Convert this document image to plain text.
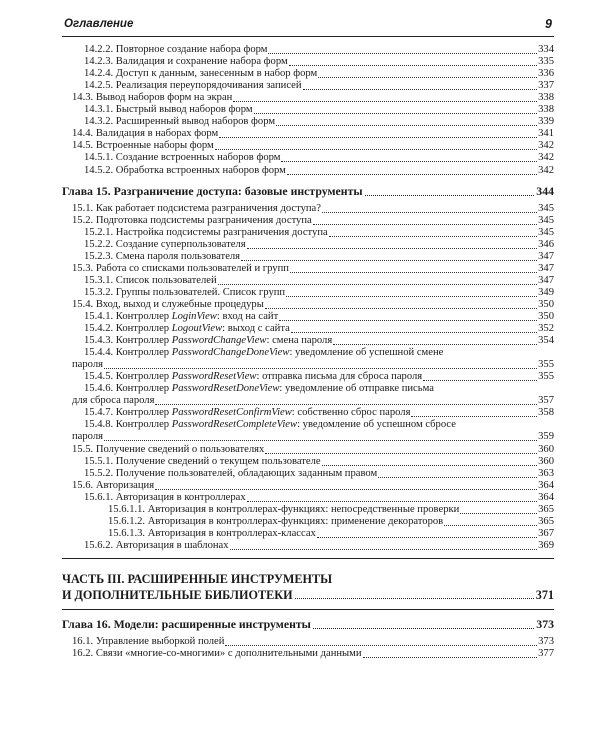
Оглавление	9
14.2.2. Повторное создание набора форм	334
14.2.3. Валидация и сохранение набора форм	335
14.2.4. Доступ к данным, занесенным в набор форм	336
14.2.5. Реализация переупорядочивания записей	337
14.3. Вывод наборов форм на экран	338
14.3.1. Быстрый вывод наборов форм	338
14.3.2. Расширенный вывод наборов форм	339
14.4. Валидация в наборах форм	341
14.5. Встроенные наборы форм	342
14.5.1. Создание встроенных наборов форм	342
14.5.2. Обработка встроенных наборов форм	342
Глава 15. Разграничение доступа: базовые инструменты	344
15.1. Как работает подсистема разграничения доступа?	345
15.2. Подготовка подсистемы разграничения доступа	345
15.2.1. Настройка подсистемы разграничения доступа	345
15.2.2. Создание суперпользователя	346
15.2.3. Смена пароля пользователя	347
15.3. Работа со списками пользователей и групп	347
15.3.1. Список пользователей	347
15.3.2. Группы пользователей. Список групп	349
15.4. Вход, выход и служебные процедуры	350
15.4.1. Контроллер LoginView: вход на сайт	350
15.4.2. Контроллер LogoutView: выход с сайта	352
15.4.3. Контроллер PasswordChangeView: смена пароля	354
15.4.4. Контроллер PasswordChangeDoneView: уведомление об успешной смене
пароля	355
15.4.5. Контроллер PasswordResetView: отправка письма для сброса пароля	355
15.4.6. Контроллер PasswordResetDoneView: уведомление об отправке письма
для сброса пароля	357
15.4.7. Контроллер PasswordResetConfirmView: собственно сброс пароля	358
15.4.8. Контроллер PasswordResetCompleteView: уведомление об успешном сбросе
пароля	359
15.5. Получение сведений о пользователях	360
15.5.1. Получение сведений о текущем пользователе	360
15.5.2. Получение пользователей, обладающих заданным правом	363
15.6. Авторизация	364
15.6.1. Авторизация в контроллерах	364
15.6.1.1. Авторизация в контроллерах-функциях: непосредственные проверки	365
15.6.1.2. Авторизация в контроллерах-функциях: применение декораторов	365
15.6.1.3. Авторизация в контроллерах-классах	367
15.6.2. Авторизация в шаблонах	369
ЧАСТЬ III. РАСШИРЕННЫЕ ИНСТРУМЕНТЫ
И ДОПОЛНИТЕЛЬНЫЕ БИБЛИОТЕКИ	371
Глава 16. Модели: расширенные инструменты	373
16.1. Управление выборкой полей	373
16.2. Связи «многие-со-многими» с дополнительными данными	377
